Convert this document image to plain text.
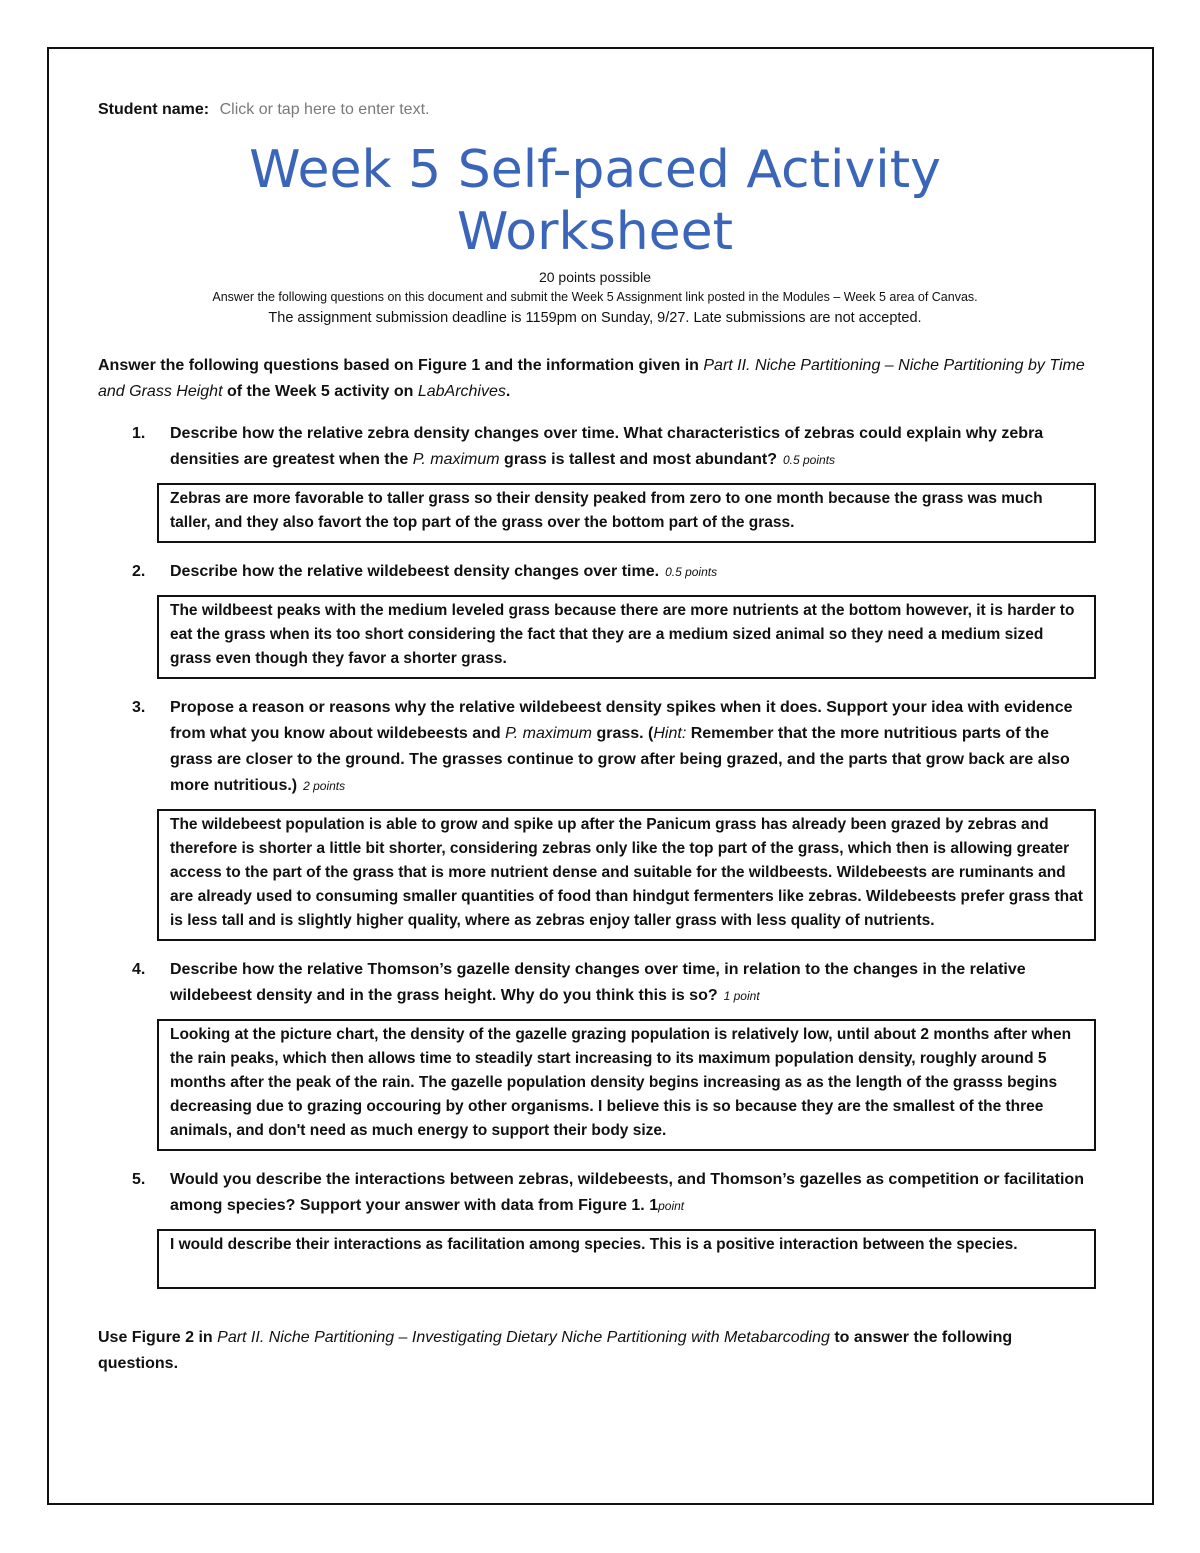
Student name: Click or tap here to enter text.
Week 5 Self-paced Activity
Worksheet
20 points possible
Answer the following questions on this document and submit the Week 5 Assignment link posted in the Modules – Week 5 area of Canvas.
The assignment submission deadline is 1159pm on Sunday, 9/27. Late submissions are not accepted.
Answer the following questions based on Figure 1 and the information given in Part II. Niche Partitioning – Niche Partitioning by Time and Grass Height of the Week 5 activity on LabArchives.
1. Describe how the relative zebra density changes over time. What characteristics of zebras could explain why zebra densities are greatest when the P. maximum grass is tallest and most abundant? 0.5 points
Zebras are more favorable to taller grass so their density peaked from zero to one month because the grass was much taller, and they also favort the top part of the grass over the bottom part of the grass.
2. Describe how the relative wildebeest density changes over time. 0.5 points
The wildbeest peaks with the medium leveled grass because there are more nutrients at the bottom however, it is harder to eat the grass when its too short considering the fact that they are a medium sized animal so they need a medium sized grass even though they favor a shorter grass.
3. Propose a reason or reasons why the relative wildebeest density spikes when it does. Support your idea with evidence from what you know about wildebeests and P. maximum grass. (Hint: Remember that the more nutritious parts of the grass are closer to the ground. The grasses continue to grow after being grazed, and the parts that grow back are also more nutritious.) 2 points
The wildebeest population is able to grow and spike up after the Panicum grass has already been grazed by zebras and therefore is shorter a little bit shorter, considering zebras only like the top part of the grass, which then is allowing greater access to the part of the grass that is more nutrient dense and suitable for the wildbeests. Wildebeests are ruminants and are already used to consuming smaller quantities of food than hindgut fermenters like zebras. Wildebeests prefer grass that is less tall and is slightly higher quality, where as zebras enjoy taller grass with less quality of nutrients.
4. Describe how the relative Thomson’s gazelle density changes over time, in relation to the changes in the relative wildebeest density and in the grass height. Why do you think this is so? 1 point
Looking at the picture chart, the density of the gazelle grazing population is relatively low, until about 2 months after when the rain peaks, which then allows time to steadily start increasing to its maximum population density, roughly around 5 months after the peak of the rain. The gazelle population density begins increasing as as the length of the grasss begins decreasing due to grazing occouring by other organisms. I believe this is so because they are the smallest of the three animals, and don't need as much energy to support their body size.
5. Would you describe the interactions between zebras, wildebeests, and Thomson’s gazelles as competition or facilitation among species? Support your answer with data from Figure 1. 1point
I would describe their interactions as facilitation among species. This is a positive interaction between the species.
Use Figure 2 in Part II. Niche Partitioning – Investigating Dietary Niche Partitioning with Metabarcoding to answer the following questions.
